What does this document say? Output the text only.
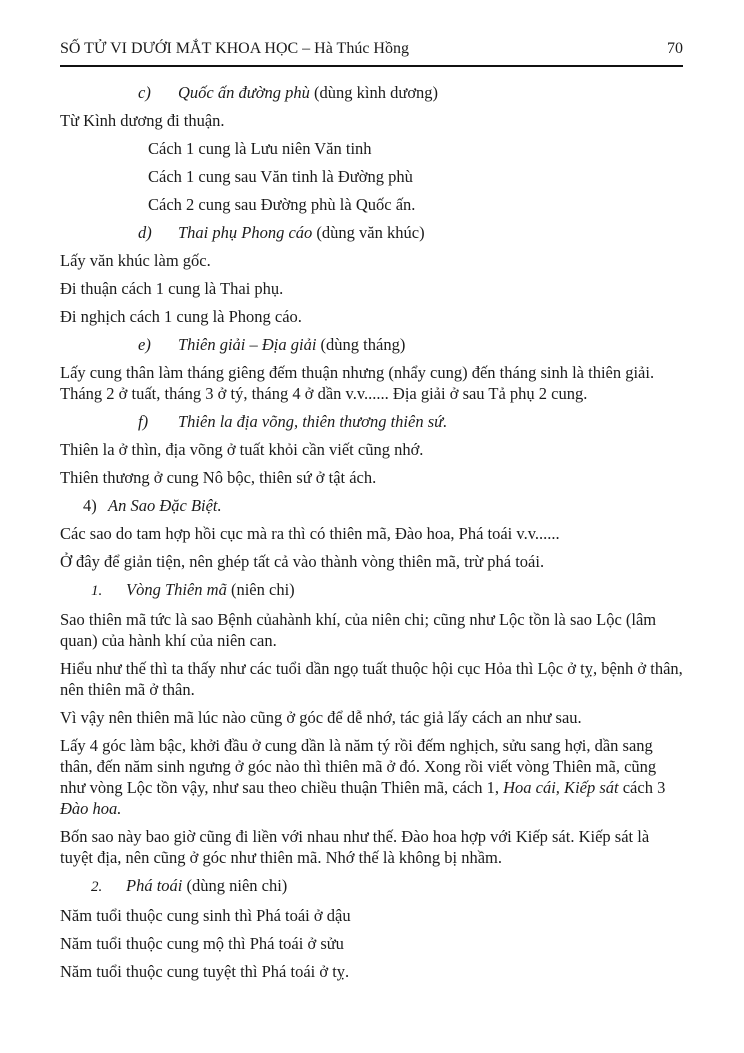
SỐ TỬ VI DƯỚI MẮT KHOA HỌC – Hà Thúc Hồng	70

c) Quốc ấn đường phù (dùng kình dương)

Từ Kình dương đi thuận.

Cách 1 cung là Lưu niên Văn tinh

Cách 1 cung sau Văn tinh là Đường phù

Cách 2 cung sau Đường phù là Quốc ấn.

d) Thai phụ Phong cáo (dùng văn khúc)

Lấy văn khúc làm gốc.

Đi thuận cách 1 cung là Thai phụ.

Đi nghịch cách 1 cung là Phong cáo.

e) Thiên giải – Địa giải (dùng tháng)

Lấy cung thân làm tháng giêng đếm thuận nhưng (nhẩy cung) đến tháng sinh là thiên giải. Tháng 2 ở tuất, tháng 3 ở tý, tháng 4 ở dần v.v...... Địa giải ở sau Tả phụ 2 cung.

f) Thiên la địa võng, thiên thương thiên sứ.

Thiên la ở thìn, địa võng ở tuất khỏi cần viết cũng nhớ.

Thiên thương ở cung Nô bộc, thiên sứ ở tật ách.

4) An Sao Đặc Biệt.

Các sao do tam hợp hồi cục mà ra thì có thiên mã, Đào hoa, Phá toái v.v......

Ở đây để giản tiện, nên ghép tất cả vào thành vòng thiên mã, trừ phá toái.

1. Vòng Thiên mã (niên chi)

Sao thiên mã tức là sao Bệnh củahành khí, của niên chi; cũng như Lộc tồn là sao Lộc (lâm quan) của hành khí của niên can.

Hiểu như thế thì ta thấy như các tuổi dần ngọ tuất thuộc hội cục Hỏa thì Lộc ở tỵ, bệnh ở thân, nên thiên mã ở thân.

Vì vậy nên thiên mã lúc nào cũng ở góc để dễ nhớ, tác giả lấy cách an như sau.

Lấy 4 góc làm bậc, khởi đầu ở cung dần là năm tý rồi đếm nghịch, sửu sang hợi, dần sang thân, đến năm sinh ngưng ở góc nào thì thiên mã ở đó. Xong rồi viết vòng Thiên mã, cũng như vòng Lộc tồn vậy, như sau theo chiều thuận Thiên mã, cách 1, Hoa cái, Kiếp sát cách 3 Đào hoa.

Bốn sao này bao giờ cũng đi liền với nhau như thế. Đào hoa hợp với Kiếp sát. Kiếp sát là tuyệt địa, nên cũng ở góc như thiên mã. Nhớ thế là không bị nhầm.

2. Phá toái (dùng niên chi)

Năm tuổi thuộc cung sinh thì Phá toái ở dậu

Năm tuổi thuộc cung mộ thì Phá toái ở sửu

Năm tuổi thuộc cung tuyệt thì Phá toái ở tỵ.
